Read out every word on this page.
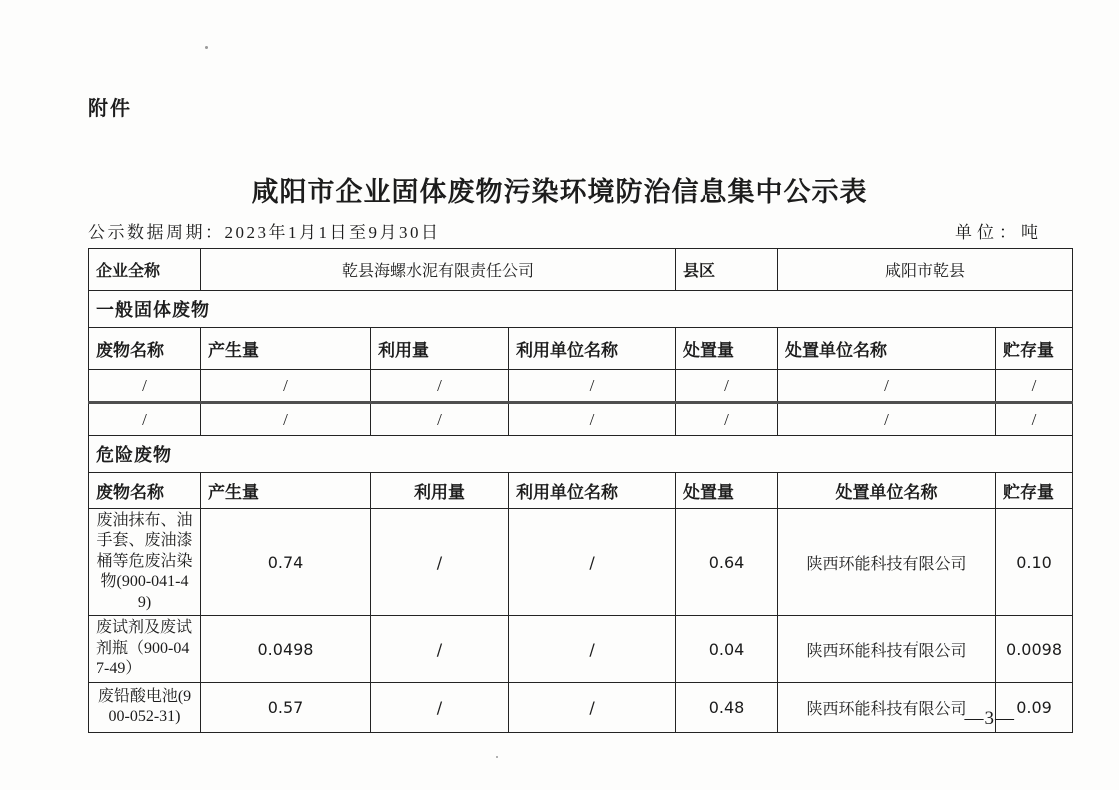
附件
咸阳市企业固体废物污染环境防治信息集中公示表
公示数据周期：2023年1月1日至9月30日	单位：吨
企业全称	乾县海螺水泥有限责任公司			县区	咸阳市乾县	
一般固体废物						
废物名称	产生量	利用量	利用单位名称	处置量	处置单位名称	贮存量
/	/	/	/	/	/	/
/	/	/	/	/	/	/
危险废物						
废物名称	产生量	利用量	利用单位名称	处置量	处置单位名称	贮存量
废油抹布、油手套、废油漆桶等危废沾染物(900-041-49)	0.74	/	/	0.64	陕西环能科技有限公司	0.10
废试剂及废试剂瓶（900-047-49）	0.0498	/	/	0.04	陕西环能科技有限公司	0.0098
废铅酸电池(900-052-31)	0.57	/	/	0.48	陕西环能科技有限公司	0.09
—3—
